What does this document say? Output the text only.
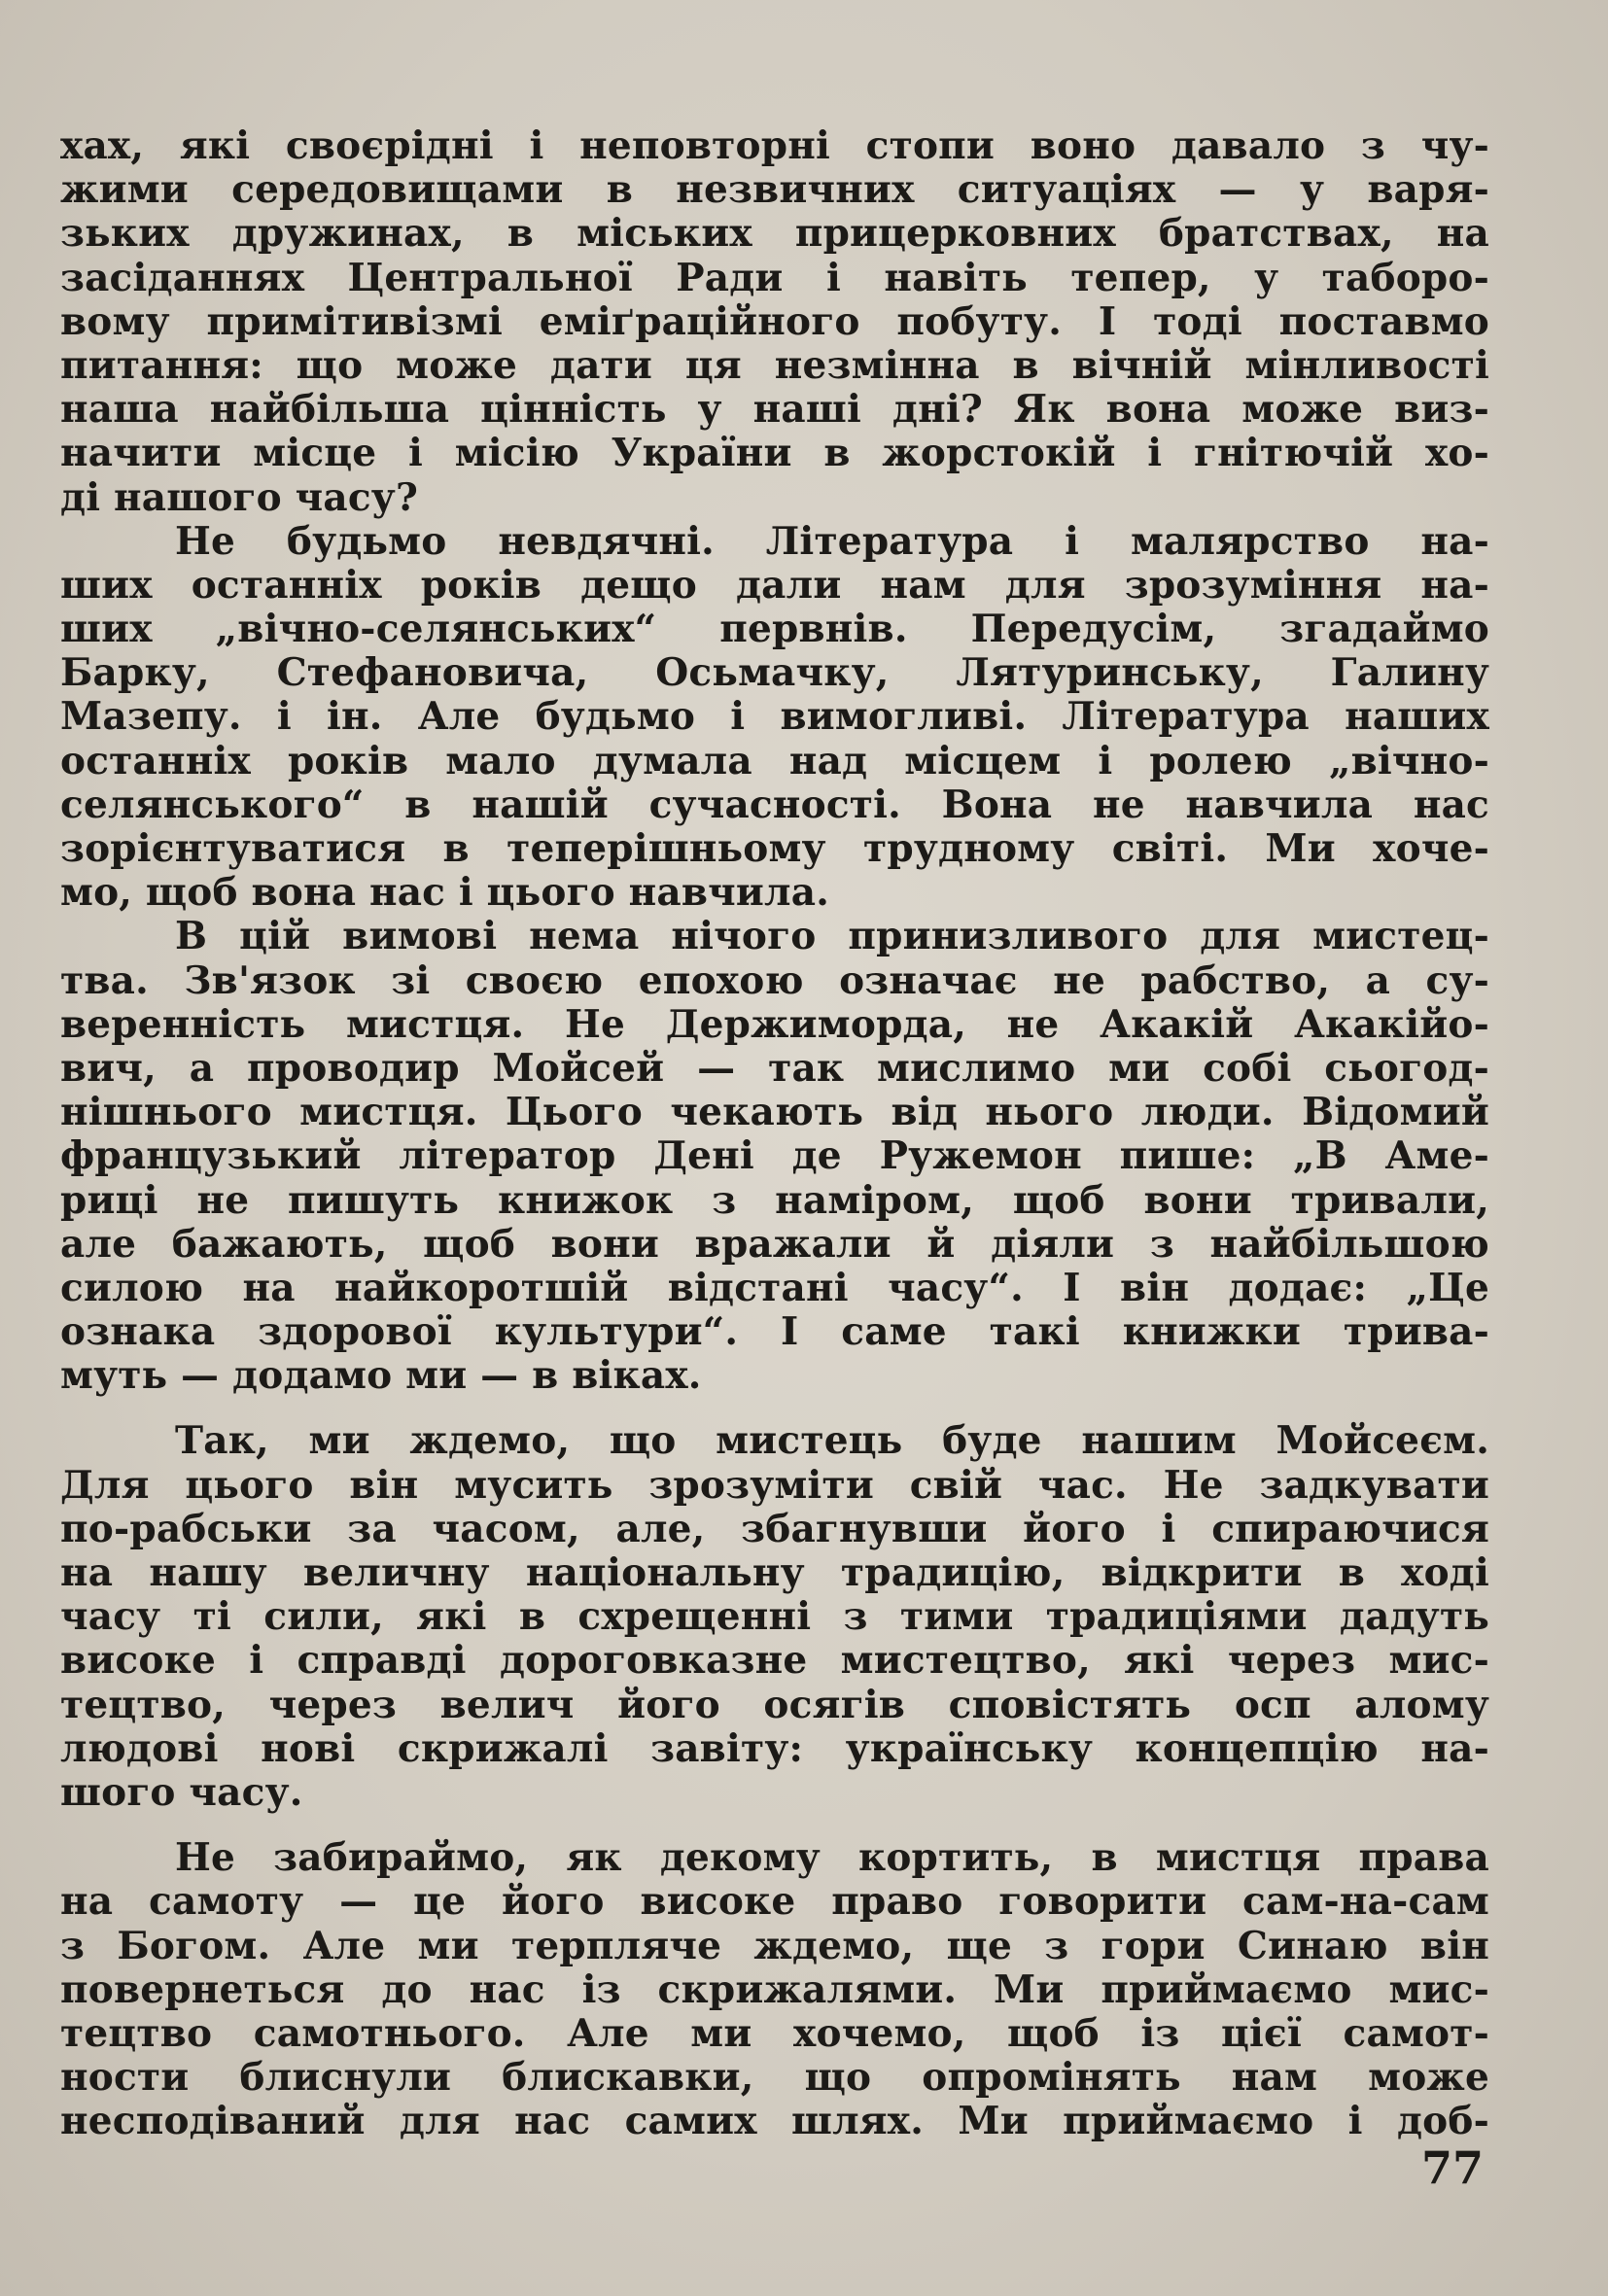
хах, які своєрідні і неповторні стопи воно давало з чу-
жими середовищами в незвичних ситуаціях — у варя-
зьких дружинах, в міських прицерковних братствах, на
засіданнях Центральної Ради і навіть тепер, у таборо-
вому примітивізмі еміґраційного побуту. І тоді поставмо
питання: що може дати ця незмінна в вічній мінливості
наша найбільша цінність у наші дні? Як вона може виз-
начити місце і місію України в жорстокій і гнітючій хо-
ді нашого часу?
Не будьмо невдячні. Література і малярство на-
ших останніх років дещо дали нам для зрозуміння на-
ших „вічно-селянських“ первнів. Передусім, згадаймо
Барку, Стефановича, Осьмачку, Лятуринську, Галину
Мазепу. і ін. Але будьмо і вимогливі. Література наших
останніх років мало думала над місцем і ролею „вічно-
селянського“ в нашій сучасності. Вона не навчила нас
зорієнтуватися в теперішньому трудному світі. Ми хоче-
мо, щоб вона нас і цього навчила.
В цій вимові нема нічого принизливого для мистец-
тва. Зв'язок зі своєю епохою означає не рабство, а су-
веренність мистця. Не Держиморда, не Акакій Акакійо-
вич, а проводир Мойсей — так мислимо ми собі сьогод-
нішнього мистця. Цього чекають від нього люди. Відомий
французький літератор Дені де Ружемон пише: „В Аме-
риці не пишуть книжок з наміром, щоб вони тривали,
але бажають, щоб вони вражали й діяли з найбільшою
силою на найкоротшій відстані часу“. І він додає: „Це
ознака здорової культури“. І саме такі книжки трива-
муть — додамо ми — в віках.
Так, ми ждемо, що мистець буде нашим Мойсеєм.
Для цього він мусить зрозуміти свій час. Не задкувати
по-рабськи за часом, але, збагнувши його і спираючися
на нашу величну національну традицію, відкрити в ході
часу ті сили, які в схрещенні з тими традиціями дадуть
високе і справді дороговказне мистецтво, які через мис-
тецтво, через велич його осягів сповістять осп алому
людові нові скрижалі завіту: українську концепцію на-
шого часу.
Не забираймо, як декому кортить, в мистця права
на самоту — це його високе право говорити сам-на-сам
з Богом. Але ми терпляче ждемо, ще з гори Синаю він
повернеться до нас із скрижалями. Ми приймаємо мис-
тецтво самотнього. Але ми хочемо, щоб із цієї самот-
ности блиснули блискавки, що опромінять нам може
несподіваний для нас самих шлях. Ми приймаємо і доб-
77
